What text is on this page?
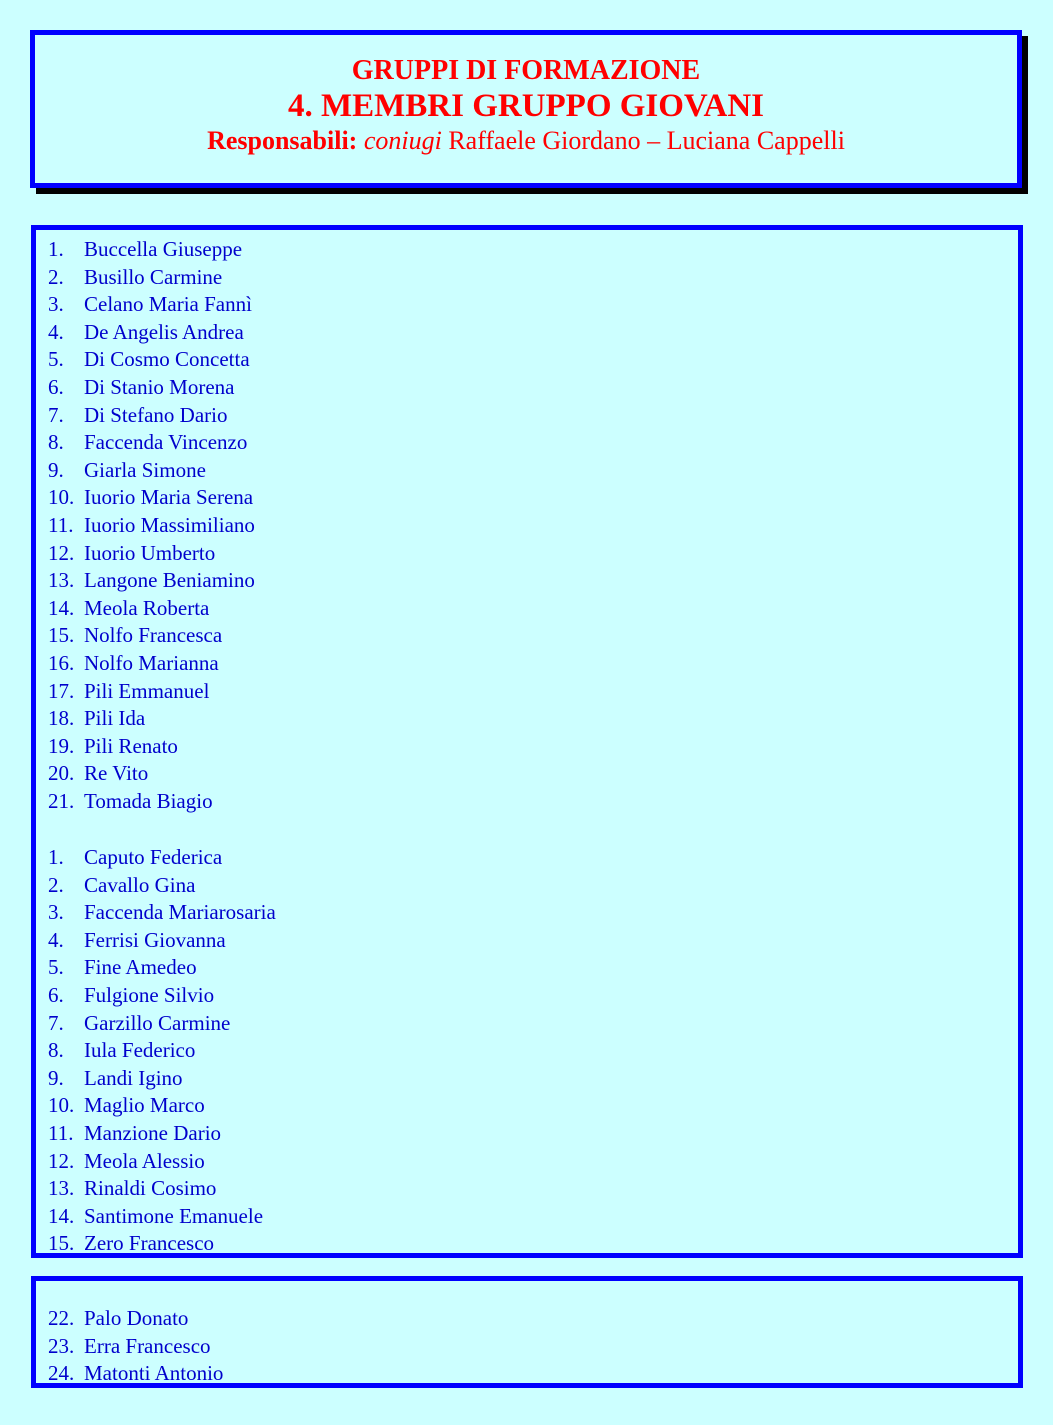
GRUPPI DI FORMAZIONE
4. MEMBRI GRUPPO GIOVANI
Responsabili: coniugi Raffaele Giordano – Luciana Cappelli
1. Buccella Giuseppe
2. Busillo Carmine
3. Celano Maria Fannì
4. De Angelis Andrea
5. Di Cosmo Concetta
6. Di Stanio Morena
7. Di Stefano Dario
8. Faccenda Vincenzo
9. Giarla Simone
10. Iuorio Maria Serena
11. Iuorio Massimiliano
12. Iuorio Umberto
13. Langone Beniamino
14. Meola Roberta
15. Nolfo Francesca
16. Nolfo Marianna
17. Pili Emmanuel
18. Pili Ida
19. Pili Renato
20. Re Vito
21. Tomada Biagio
1. Caputo Federica
2. Cavallo Gina
3. Faccenda Mariarosaria
4. Ferrisi Giovanna
5. Fine Amedeo
6. Fulgione Silvio
7. Garzillo Carmine
8. Iula Federico
9. Landi Igino
10. Maglio Marco
11. Manzione Dario
12. Meola Alessio
13. Rinaldi Cosimo
14. Santimone Emanuele
15. Zero Francesco
22. Palo Donato
23. Erra Francesco
24. Matonti Antonio
